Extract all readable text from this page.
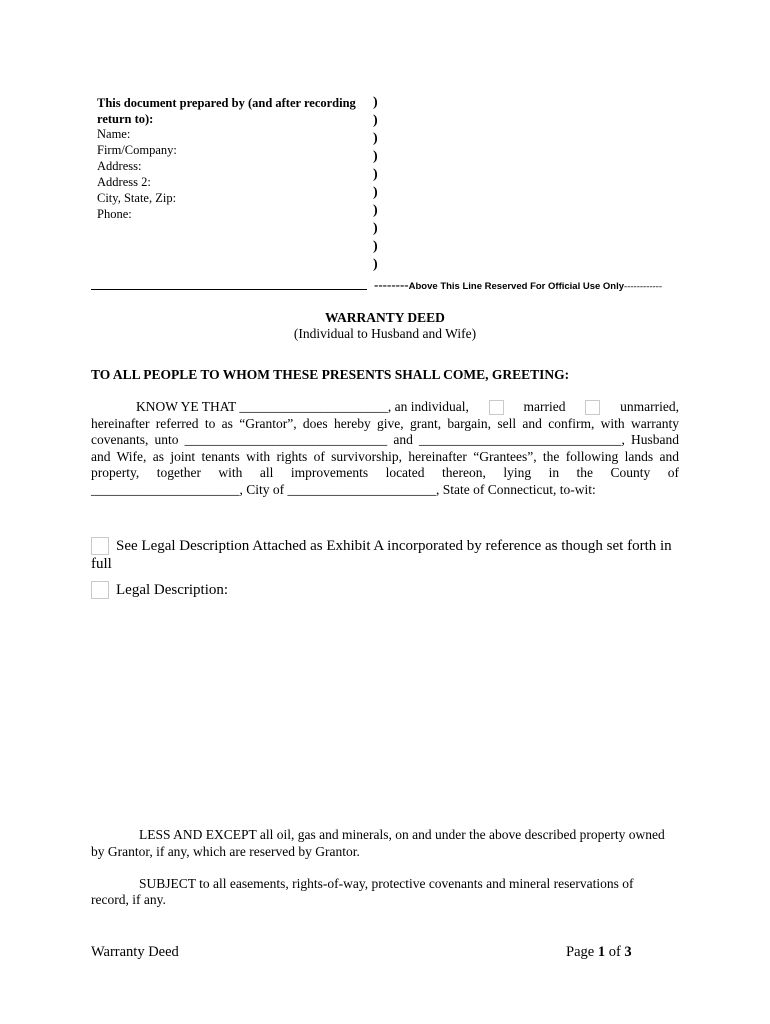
This document prepared by (and after recording
return to):
Name:
Firm/Company:
Address:
Address 2:
City, State, Zip:
Phone:
)
)
)
)
)
)
)
)
)
)
--------Above This Line Reserved For Official Use Only------------
WARRANTY DEED
(Individual to Husband and Wife)
TO ALL PEOPLE TO WHOM THESE PRESENTS SHALL COME, GREETING:
KNOW YE THAT ______________________, an individual,	married	unmarried,
hereinafter referred to as “Grantor”, does hereby give, grant, bargain, sell and confirm, with warranty
covenants, unto ______________________________ and ______________________________, Husband
and Wife, as joint tenants with rights of survivorship, hereinafter “Grantees”, the following lands and
property, together with all improvements located thereon, lying in the County of
______________________, City of ______________________, State of Connecticut, to-wit:
See Legal Description Attached as Exhibit A incorporated by reference as though set forth in
full
Legal Description:
LESS AND EXCEPT all oil, gas and minerals, on and under the above described property owned
by Grantor, if any, which are reserved by Grantor.
SUBJECT to all easements, rights-of-way, protective covenants and mineral reservations of
record, if any.
Warranty Deed	Page 1 of 3
